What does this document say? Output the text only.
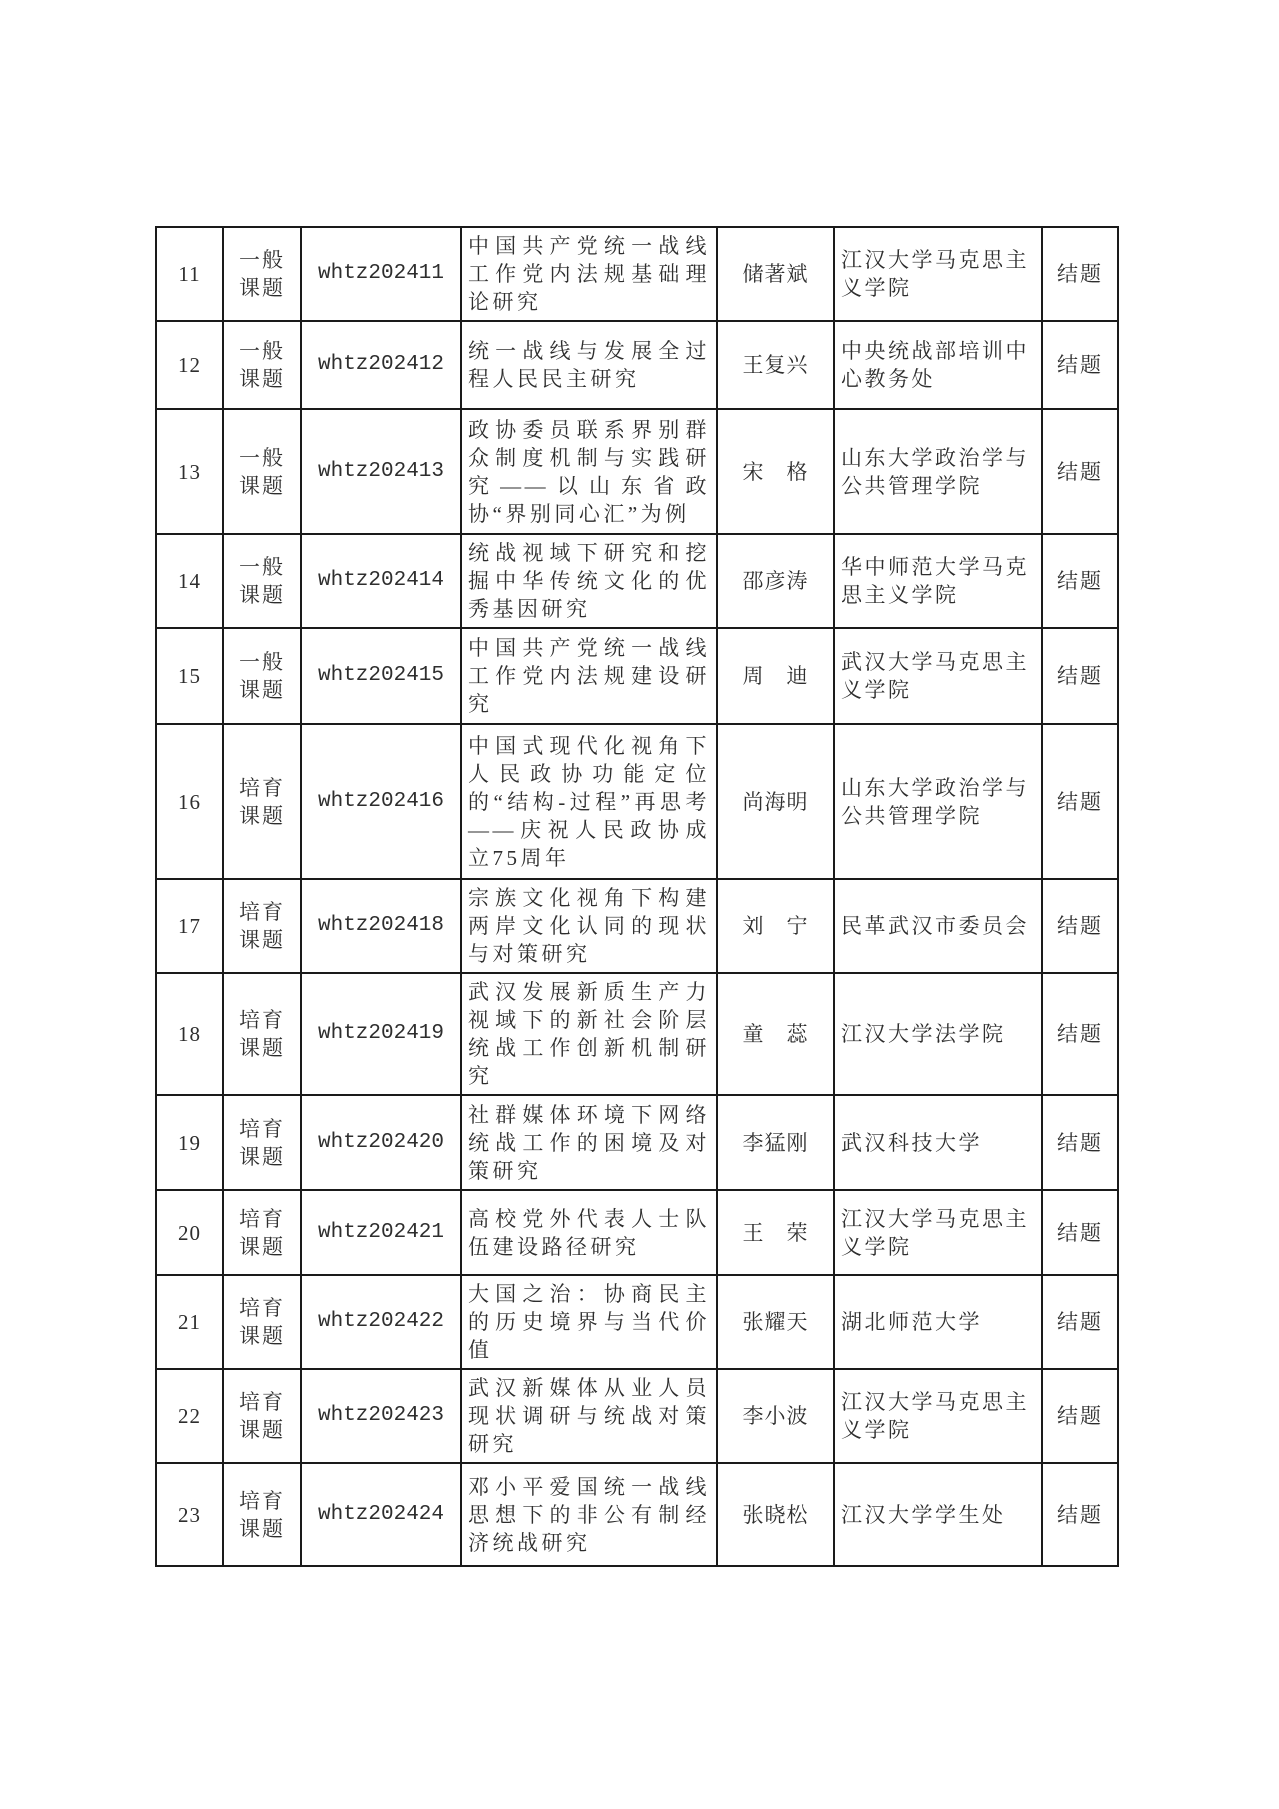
11	一般课题	whtz202411	中国共产党统一战线工作党内法规基础理论研究	储著斌	江汉大学马克思主义学院	结题
12	一般课题	whtz202412	统一战线与发展全过程人民民主研究	王复兴	中央统战部培训中心教务处	结题
13	一般课题	whtz202413	政协委员联系界别群众制度机制与实践研究——以山东省政协“界别同心汇”为例	宋　格	山东大学政治学与公共管理学院	结题
14	一般课题	whtz202414	统战视域下研究和挖掘中华传统文化的优秀基因研究	邵彦涛	华中师范大学马克思主义学院	结题
15	一般课题	whtz202415	中国共产党统一战线工作党内法规建设研究	周　迪	武汉大学马克思主义学院	结题
16	培育课题	whtz202416	中国式现代化视角下人民政协功能定位的“结构-过程”再思考——庆祝人民政协成立75周年	尚海明	山东大学政治学与公共管理学院	结题
17	培育课题	whtz202418	宗族文化视角下构建两岸文化认同的现状与对策研究	刘　宁	民革武汉市委员会	结题
18	培育课题	whtz202419	武汉发展新质生产力视域下的新社会阶层统战工作创新机制研究	童　蕊	江汉大学法学院	结题
19	培育课题	whtz202420	社群媒体环境下网络统战工作的困境及对策研究	李猛刚	武汉科技大学	结题
20	培育课题	whtz202421	高校党外代表人士队伍建设路径研究	王　荣	江汉大学马克思主义学院	结题
21	培育课题	whtz202422	大国之治：协商民主的历史境界与当代价值	张耀天	湖北师范大学	结题
22	培育课题	whtz202423	武汉新媒体从业人员现状调研与统战对策研究	李小波	江汉大学马克思主义学院	结题
23	培育课题	whtz202424	邓小平爱国统一战线思想下的非公有制经济统战研究	张晓松	江汉大学学生处	结题
